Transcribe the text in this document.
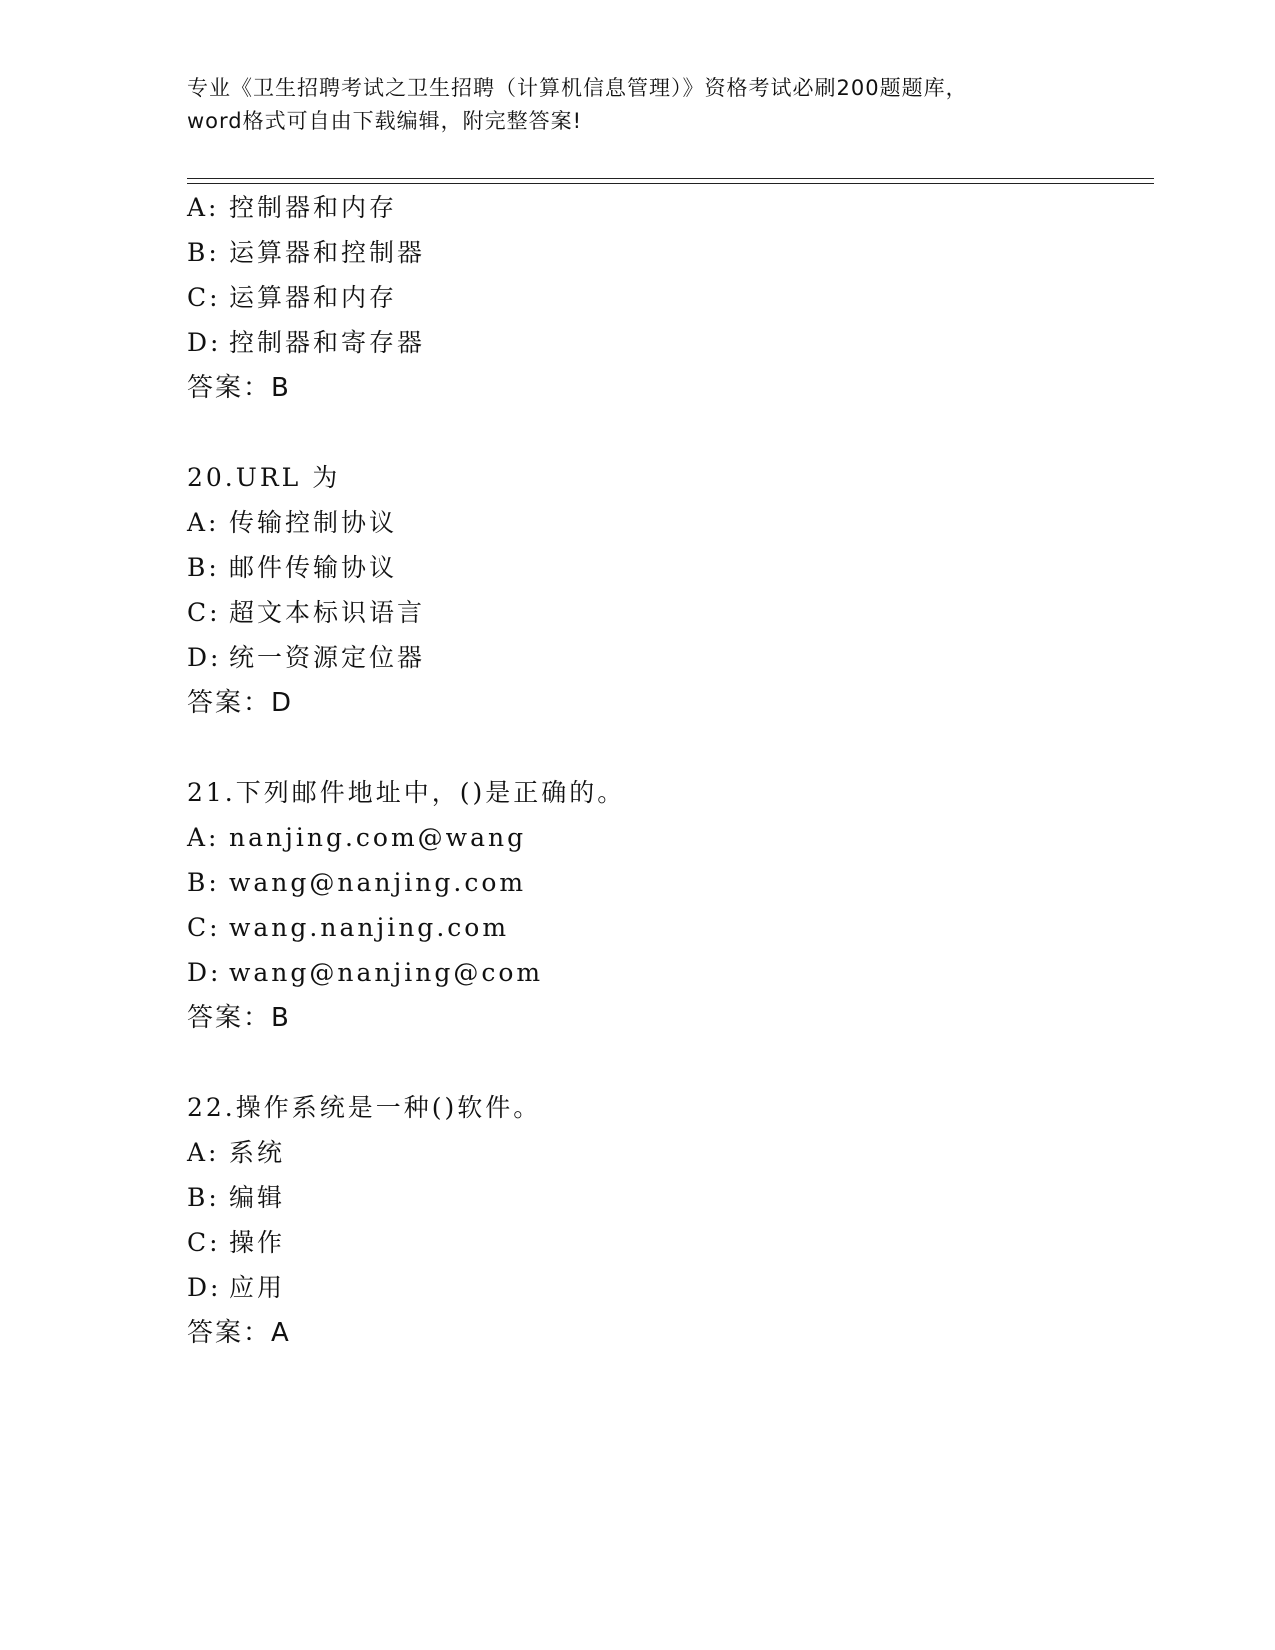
专业《卫生招聘考试之卫生招聘（计算机信息管理）》资格考试必刷200题题库，
word格式可自由下载编辑，附完整答案!
A: 控制器和内存
B: 运算器和控制器
C: 运算器和内存
D: 控制器和寄存器
答案：B
20.URL 为
A: 传输控制协议
B: 邮件传输协议
C: 超文本标识语言
D: 统一资源定位器
答案：D
21.下列邮件地址中，()是正确的。
A: nanjing.com@wang
B: wang@nanjing.com
C: wang.nanjing.com
D: wang@nanjing@com
答案：B
22.操作系统是一种()软件。
A: 系统
B: 编辑
C: 操作
D: 应用
答案：A
